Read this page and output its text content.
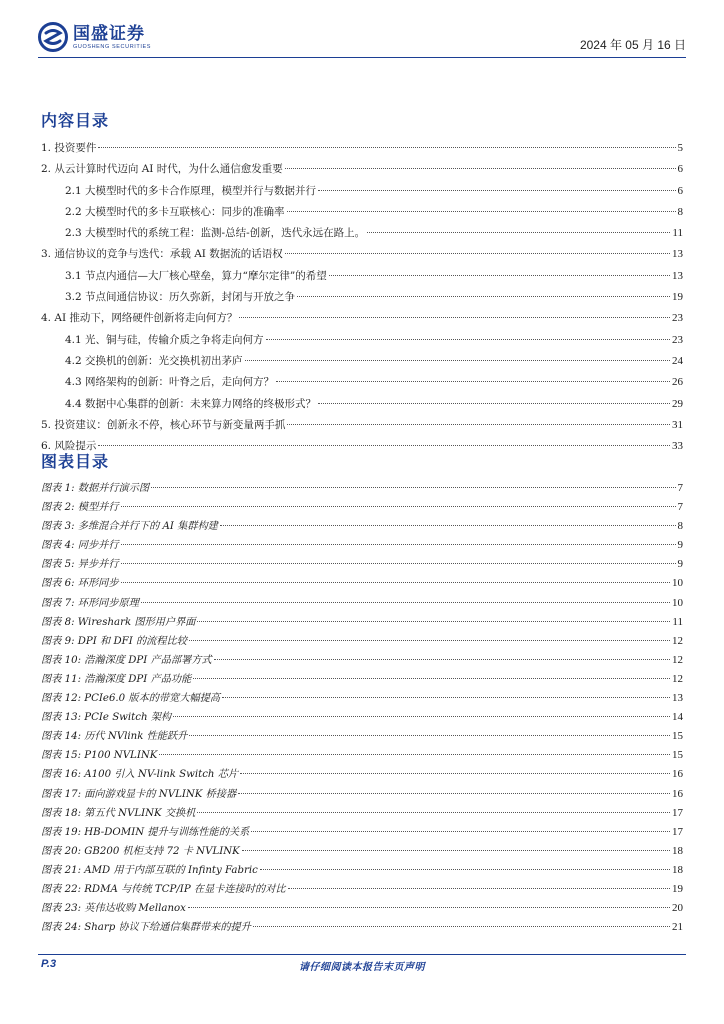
国盛证券
GUOSHENG SECURITIES	2024 年 05 月 16 日
内容目录
1. 投资要件	5
2. 从云计算时代迈向 AI 时代，为什么通信愈发重要	6
2.1 大模型时代的多卡合作原理，模型并行与数据并行	6
2.2 大模型时代的多卡互联核心：同步的准确率	8
2.3 大模型时代的系统工程：监测-总结-创新，迭代永远在路上。	11
3. 通信协议的竞争与迭代：承载 AI 数据流的话语权	13
3.1 节点内通信—大厂核心壁垒，算力“摩尔定律”的希望	13
3.2 节点间通信协议：历久弥新，封闭与开放之争	19
4. AI 推动下，网络硬件创新将走向何方？	23
4.1 光、铜与硅，传输介质之争将走向何方	23
4.2 交换机的创新：光交换机初出茅庐	24
4.3 网络架构的创新：叶脊之后，走向何方？	26
4.4 数据中心集群的创新：未来算力网络的终极形式？	29
5. 投资建议：创新永不停，核心环节与新变量两手抓	31
6. 风险提示	33
图表目录
图表 1: 数据并行演示图	7
图表 2: 模型并行	7
图表 3: 多维混合并行下的 AI 集群构建	8
图表 4: 同步并行	9
图表 5: 异步并行	9
图表 6: 环形同步	10
图表 7: 环形同步原理	10
图表 8: Wireshark 图形用户界面	11
图表 9: DPI 和 DFI 的流程比较	12
图表 10: 浩瀚深度 DPI 产品部署方式	12
图表 11: 浩瀚深度 DPI 产品功能	12
图表 12: PCIe6.0 版本的带宽大幅提高	13
图表 13: PCIe Switch 架构	14
图表 14: 历代 NVlink 性能跃升	15
图表 15: P100 NVLINK	15
图表 16: A100 引入 NV-link Switch 芯片	16
图表 17: 面向游戏显卡的 NVLINK 桥接器	16
图表 18: 第五代 NVLINK 交换机	17
图表 19: HB-DOMIN 提升与训练性能的关系	17
图表 20: GB200 机柜支持 72 卡 NVLINK	18
图表 21: AMD 用于内部互联的 Infinty Fabric	18
图表 22: RDMA 与传统 TCP/IP 在显卡连接时的对比	19
图表 23: 英伟达收购 Mellanox	20
图表 24: Sharp 协议下给通信集群带来的提升	21
P.3	请仔细阅读本报告末页声明
